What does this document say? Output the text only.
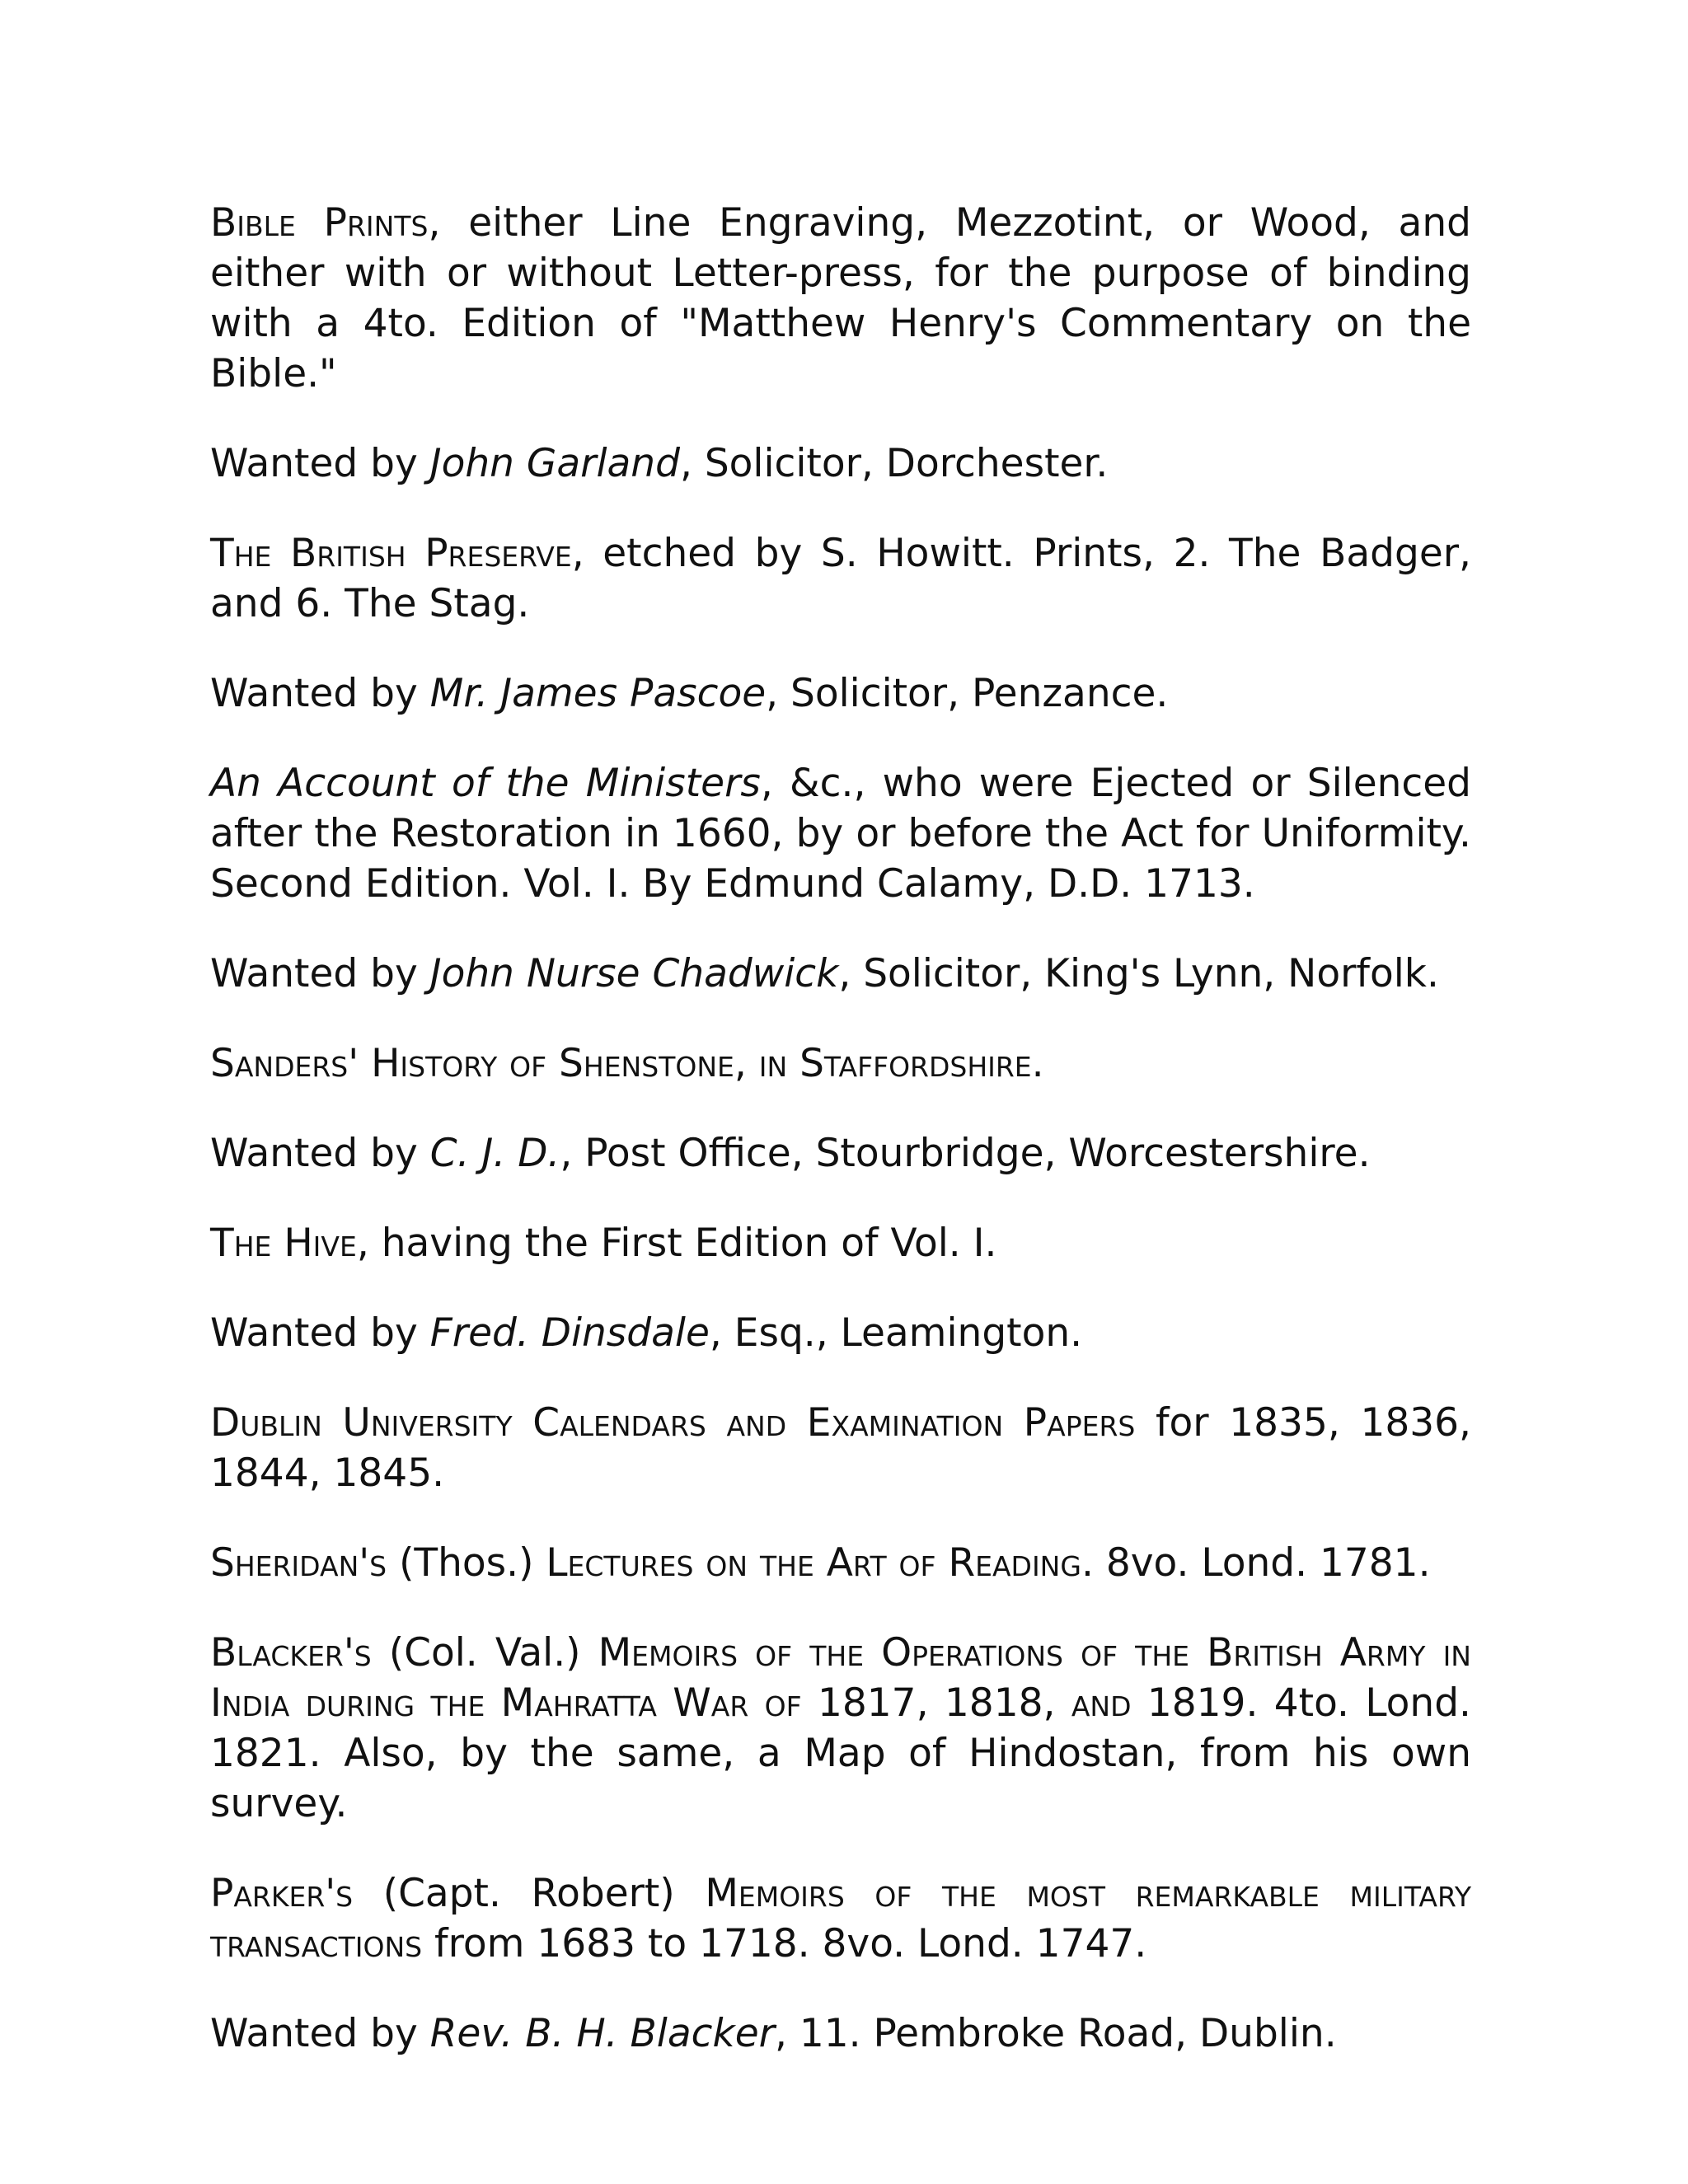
Bible Prints, either Line Engraving, Mezzotint, or Wood, and either with or without Letter-press, for the purpose of binding with a 4to. Edition of "Matthew Henry's Commentary on the Bible."

Wanted by John Garland, Solicitor, Dorchester.

The British Preserve, etched by S. Howitt. Prints, 2. The Badger, and 6. The Stag.

Wanted by Mr. James Pascoe, Solicitor, Penzance.

An Account of the Ministers, &c., who were Ejected or Silenced after the Restoration in 1660, by or before the Act for Uniformity. Second Edition. Vol. I. By Edmund Calamy, D.D. 1713.

Wanted by John Nurse Chadwick, Solicitor, King's Lynn, Norfolk.

Sanders' History of Shenstone, in Staffordshire.

Wanted by C. J. D., Post Office, Stourbridge, Worcestershire.

The Hive, having the First Edition of Vol. I.

Wanted by Fred. Dinsdale, Esq., Leamington.

Dublin University Calendars and Examination Papers for 1835, 1836, 1844, 1845.

Sheridan's (Thos.) Lectures on the Art of Reading. 8vo. Lond. 1781.

Blacker's (Col. Val.) Memoirs of the Operations of the British Army in India during the Mahratta War of 1817, 1818, and 1819. 4to. Lond. 1821. Also, by the same, a Map of Hindostan, from his own survey.

Parker's (Capt. Robert) Memoirs of the most remarkable military transactions from 1683 to 1718. 8vo. Lond. 1747.

Wanted by Rev. B. H. Blacker, 11. Pembroke Road, Dublin.
